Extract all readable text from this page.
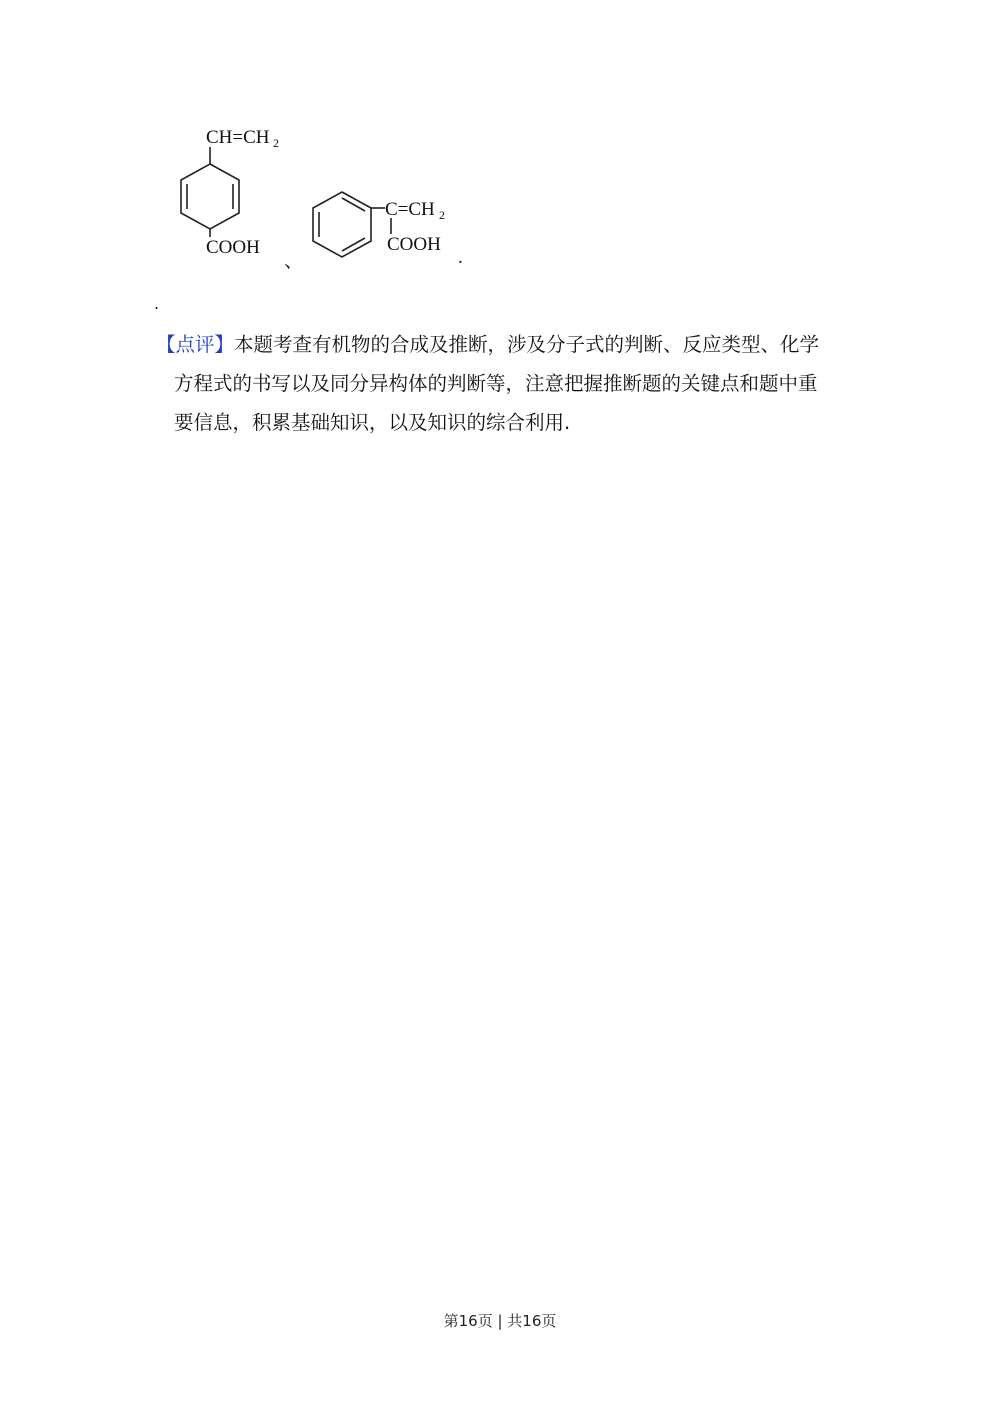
CH=CH 2
COOH
、
C=CH 2
COOH
.
.
【点评】本题考查有机物的合成及推断，涉及分子式的判断、反应类型、化学
方程式的书写以及同分异构体的判断等，注意把握推断题的关键点和题中重
要信息，积累基础知识，以及知识的综合利用.
第16页 | 共16页
